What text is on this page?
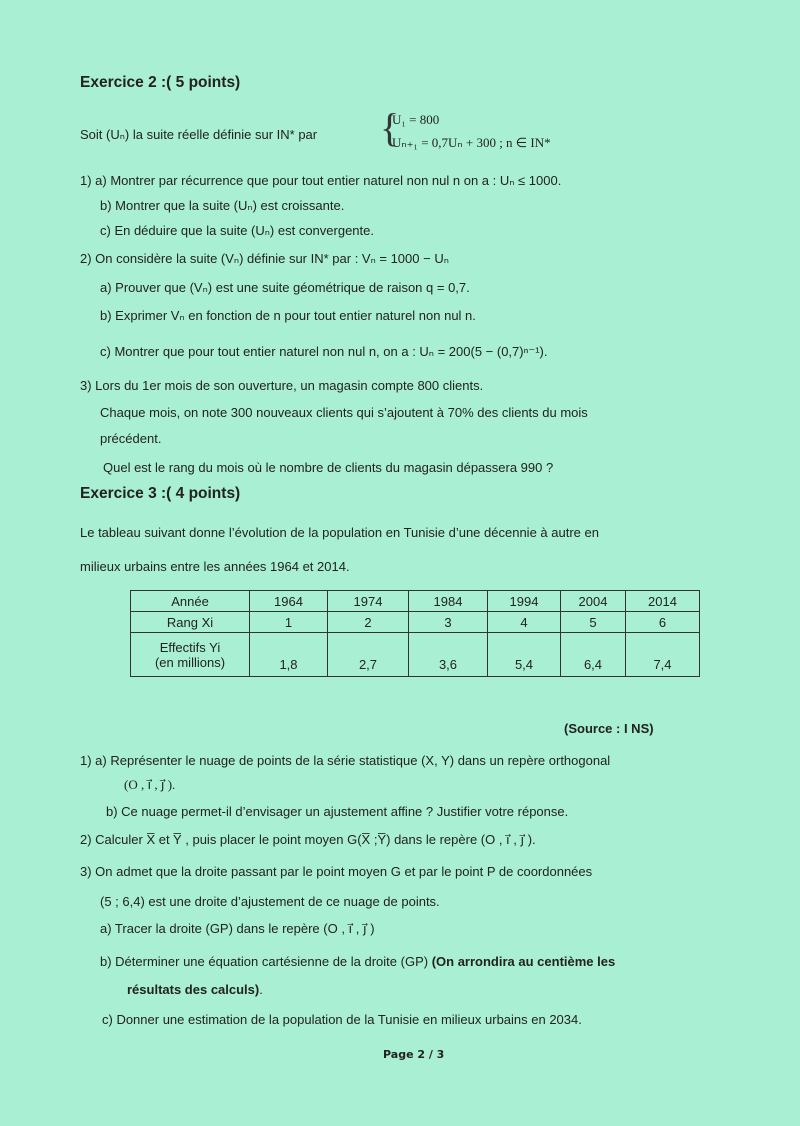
Exercice 2 :( 5 points)
Soit (Uₙ) la suite réelle définie sur IN* par {
U₁ = 800
Uₙ₊₁ = 0,7Uₙ + 300 ; n ∈ IN*
1) a) Montrer par récurrence que pour tout entier naturel non nul n on a : Uₙ ≤ 1000.
b) Montrer que la suite (Uₙ) est croissante.
c) En déduire que la suite (Uₙ) est convergente.
2) On considère la suite (Vₙ) définie sur IN* par : Vₙ = 1000 − Uₙ
a) Prouver que (Vₙ) est une suite géométrique de raison q = 0,7.
b) Exprimer Vₙ en fonction de n pour tout entier naturel non nul n.
c) Montrer que pour tout entier naturel non nul n, on a : Uₙ = 200(5 − (0,7)ⁿ⁻¹).
3) Lors du 1er mois de son ouverture, un magasin compte 800 clients.
Chaque mois, on note 300 nouveaux clients qui s’ajoutent à 70% des clients du mois
précédent.
Quel est le rang du mois où le nombre de clients du magasin dépassera 990 ?
Exercice 3 :( 4 points)
Le tableau suivant donne l’évolution de la population en Tunisie d’une décennie à autre en
milieux urbains entre les années 1964 et 2014.
Année	1964	1974	1984	1994	2004	2014
Rang Xi	1	2	3	4	5	6

Effectifs Yi
(en millions)	1,8	2,7	3,6	5,4	6,4	7,4
(Source : I NS)
1) a) Représenter le nuage de points de la série statistique (X, Y) dans un repère orthogonal
(O , i⃗ , j⃗ ).
b) Ce nuage permet-il d’envisager un ajustement affine ? Justifier votre réponse.
2) Calculer X̅ et Y̅ , puis placer le point moyen G(X̅ ;Y̅) dans le repère (O , i⃗ , j⃗ ).
3) On admet que la droite passant par le point moyen G et par le point P de coordonnées
(5 ; 6,4) est une droite d’ajustement de ce nuage de points.
a) Tracer la droite (GP) dans le repère (O , i⃗ , j⃗ )
b) Déterminer une équation cartésienne de la droite (GP) (On arrondira au centième les
résultats des calculs).
c) Donner une estimation de la population de la Tunisie en milieux urbains en 2034.
Page 2 / 3
